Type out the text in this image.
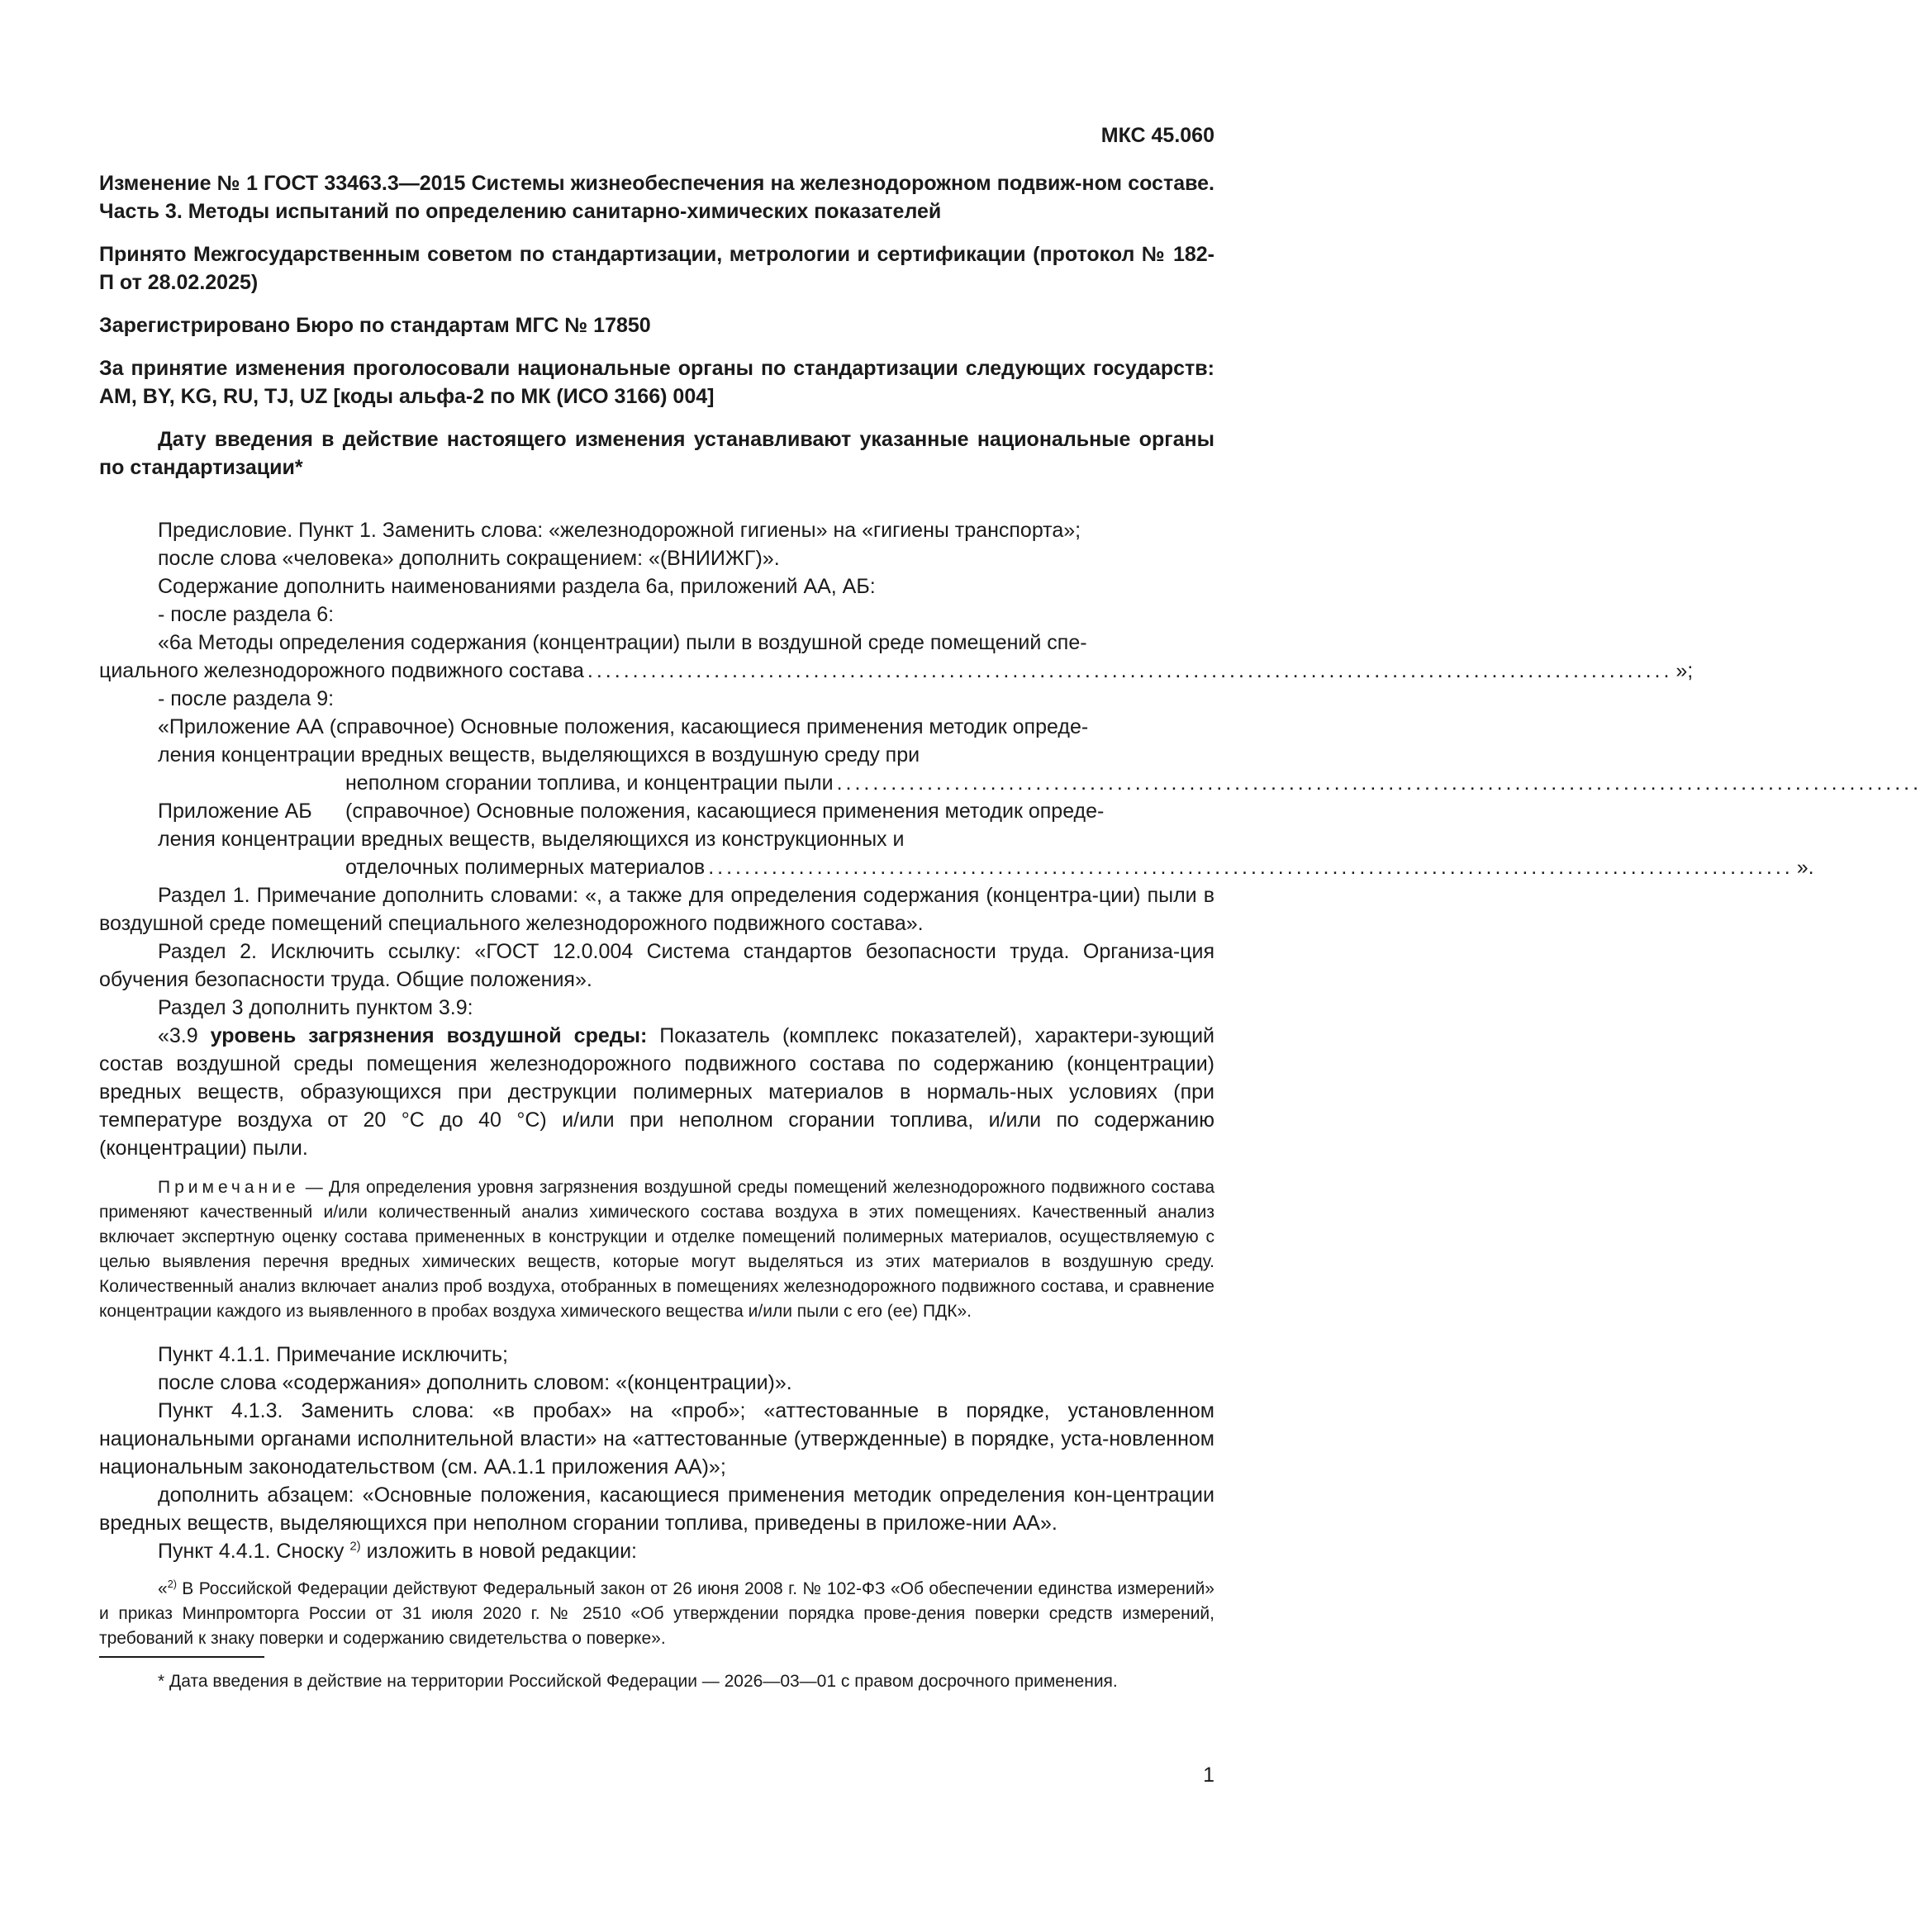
МКС 45.060
Изменение № 1 ГОСТ 33463.3—2015 Системы жизнеобеспечения на железнодорожном подвиж-ном составе. Часть 3. Методы испытаний по определению санитарно-химических показателей
Принято Межгосударственным советом по стандартизации, метрологии и сертификации (протокол № 182-П от 28.02.2025)
Зарегистрировано Бюро по стандартам МГС № 17850
За принятие изменения проголосовали национальные органы по стандартизации следующих государств: AM, BY, KG, RU, TJ, UZ [коды альфа-2 по МК (ИСО 3166) 004]
Дату введения в действие настоящего изменения устанавливают указанные национальные органы по стандартизации*

Предисловие. Пункт 1. Заменить слова: «железнодорожной гигиены» на «гигиены транспорта»;

после слова «человека» дополнить сокращением: «(ВНИИЖГ)».

Содержание дополнить наименованиями раздела 6а, приложений АА, АБ:

- после раздела 6:

«6а Методы определения содержания (концентрации) пыли в воздушной среде помещений спе-

циального железнодорожного подвижного состава ........................................................................................................................ »;

- после раздела 9:

«Приложение АА (справочное) Основные положения, касающиеся применения методик опреде-
ления концентрации вредных веществ, выделяющихся в воздушную среду при
неполном сгорании топлива, и концентрации пыли ........................................................................................................................
Приложение АБ	(справочное) Основные положения, касающиеся применения методик опреде-
ления концентрации вредных веществ, выделяющихся из конструкционных и
отделочных полимерных материалов ........................................................................................................................ ».

Раздел 1. Примечание дополнить словами: «, а также для определения содержания (концентра-ции) пыли в воздушной среде помещений специального железнодорожного подвижного состава».

Раздел 2. Исключить ссылку: «ГОСТ 12.0.004 Система стандартов безопасности труда. Организа-ция обучения безопасности труда. Общие положения».

Раздел 3 дополнить пунктом 3.9:

«3.9 уровень загрязнения воздушной среды: Показатель (комплекс показателей), характери-зующий состав воздушной среды помещения железнодорожного подвижного состава по содержанию (концентрации) вредных веществ, образующихся при деструкции полимерных материалов в нормаль-ных условиях (при температуре воздуха от 20 °С до 40 °С) и/или при неполном сгорании топлива, и/или по содержанию (концентрации) пыли.

Примечание — Для определения уровня загрязнения воздушной среды помещений железнодорожного подвижного состава применяют качественный и/или количественный анализ химического состава воздуха в этих помещениях. Качественный анализ включает экспертную оценку состава примененных в конструкции и отделке помещений полимерных материалов, осуществляемую с целью выявления перечня вредных химических веществ, которые могут выделяться из этих материалов в воздушную среду. Количественный анализ включает анализ проб воздуха, отобранных в помещениях железнодорожного подвижного состава, и сравнение концентрации каждого из выявленного в пробах воздуха химического вещества и/или пыли с его (ее) ПДК».

Пункт 4.1.1. Примечание исключить;

после слова «содержания» дополнить словом: «(концентрации)».

Пункт 4.1.3. Заменить слова: «в пробах» на «проб»; «аттестованные в порядке, установленном национальными органами исполнительной власти» на «аттестованные (утвержденные) в порядке, уста-новленном национальным законодательством (см. АА.1.1 приложения АА)»;

дополнить абзацем: «Основные положения, касающиеся применения методик определения кон-центрации вредных веществ, выделяющихся при неполном сгорании топлива, приведены в приложе-нии АА».

Пункт 4.4.1. Сноску $^{2)}$ изложить в новой редакции:

«$^{2)}$ В Российской Федерации действуют Федеральный закон от 26 июня 2008 г. № 102-ФЗ «Об обеспечении единства измерений» и приказ Минпромторга России от 31 июля 2020 г. № 2510 «Об утверждении порядка прове-дения поверки средств измерений, требований к знаку поверки и содержанию свидетельства о поверке».

* Дата введения в действие на территории Российской Федерации — 2026—03—01 с правом досрочного применения.

1
